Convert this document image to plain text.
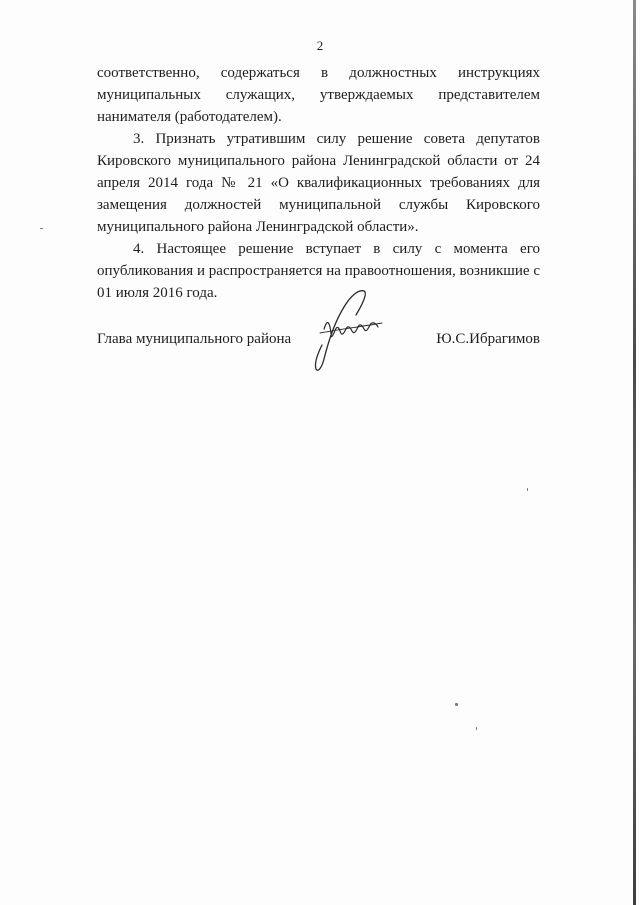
2

соответственно, содержаться в должностных инструкциях муниципальных служащих, утверждаемых представителем нанимателя (работодателем).

3. Признать утратившим силу решение совета депутатов Кировского муниципального района Ленинградской области от 24 апреля 2014 года № 21 «О квалификационных требованиях для замещения должностей муниципальной службы Кировского муниципального района Ленинградской области».

4. Настоящее решение вступает в силу с момента его опубликования и распространяется на правоотношения, возникшие с 01 июля 2016 года.

Глава муниципального района	Ю.С.Ибрагимов
